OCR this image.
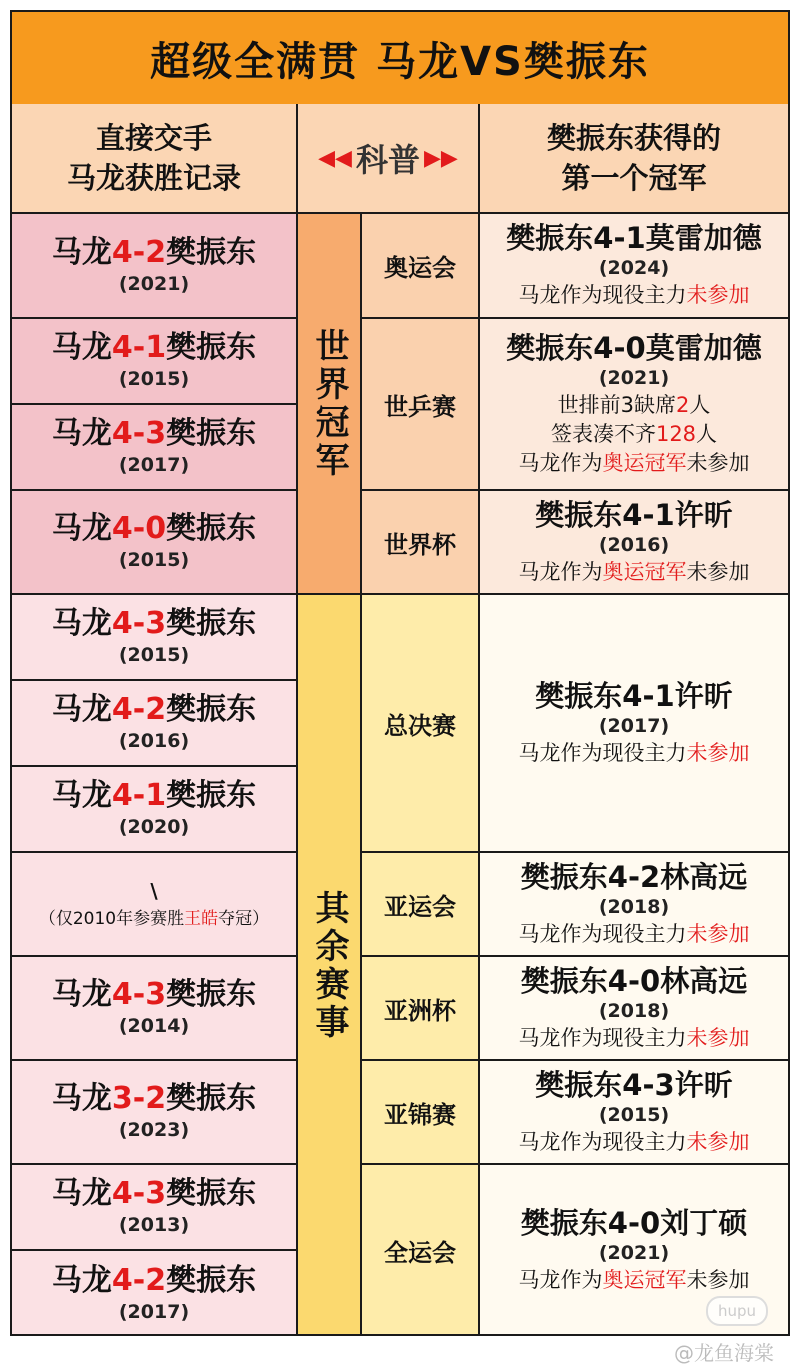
超级全满贯 马龙VS樊振东
直接交手
马龙获胜记录
◀◀ 科普 ▶▶
樊振东获得的
第一个冠军
马龙4-2樊振东
(2021)
马龙4-1樊振东
(2015)
马龙4-3樊振东
(2017)
马龙4-0樊振东
(2015)
马龙4-3樊振东
(2015)
马龙4-2樊振东
(2016)
马龙4-1樊振东
(2020)
\
（仅2010年参赛胜王皓夺冠）
马龙4-3樊振东
(2014)
马龙3-2樊振东
(2023)
马龙4-3樊振东
(2013)
马龙4-2樊振东
(2017)
世界冠军
其余赛事
奥运会
世乒赛
世界杯
总决赛
亚运会
亚洲杯
亚锦赛
全运会
樊振东4-1莫雷加德
(2024)
马龙作为现役主力未参加
樊振东4-0莫雷加德
(2021)
世排前3缺席2人
签表凑不齐128人
马龙作为奥运冠军未参加
樊振东4-1许昕
(2016)
马龙作为奥运冠军未参加
樊振东4-1许昕
(2017)
马龙作为现役主力未参加
樊振东4-2林高远
(2018)
马龙作为现役主力未参加
樊振东4-0林高远
(2018)
马龙作为现役主力未参加
樊振东4-3许昕
(2015)
马龙作为现役主力未参加
樊振东4-0刘丁硕
(2021)
马龙作为奥运冠军未参加
hupu
@龙鱼海棠
